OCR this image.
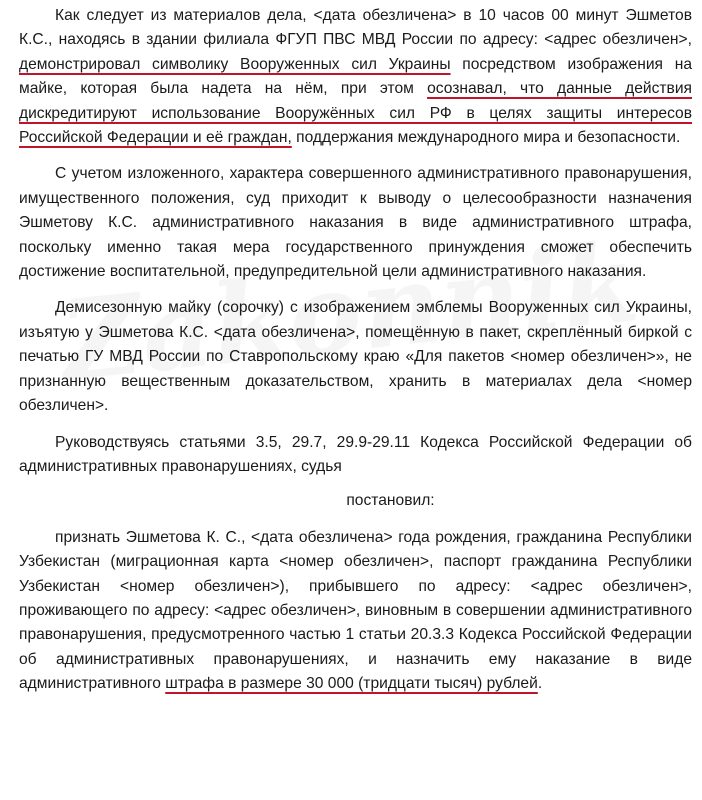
Как следует из материалов дела, <дата обезличена> в 10 часов 00 минут Эшметов К.С., находясь в здании филиала ФГУП ПВС МВД России по адресу: <адрес обезличен>, демонстрировал символику Вооруженных сил Украины посредством изображения на майке, которая была надета на нём, при этом осознавал, что данные действия дискредитируют использование Вооружённых сил РФ в целях защиты интересов Российской Федерации и её граждан, поддержания международного мира и безопасности.

С учетом изложенного, характера совершенного административного правонарушения, имущественного положения, суд приходит к выводу о целесообразности назначения Эшметову К.С. административного наказания в виде административного штрафа, поскольку именно такая мера государственного принуждения сможет обеспечить достижение воспитательной, предупредительной цели административного наказания.

Демисезонную майку (сорочку) с изображением эмблемы Вооруженных сил Украины, изъятую у Эшметова К.С. <дата обезличена>, помещённую в пакет, скреплённый биркой с печатью ГУ МВД России по Ставропольскому краю «Для пакетов <номер обезличен>», не признанную вещественным доказательством, хранить в материалах дела <номер обезличен>.

Руководствуясь статьями 3.5, 29.7, 29.9-29.11 Кодекса Российской Федерации об административных правонарушениях, судья

постановил:

признать Эшметова К. С., <дата обезличена> года рождения, гражданина Республики Узбекистан (миграционная карта <номер обезличен>, паспорт гражданина Республики Узбекистан <номер обезличен>), прибывшего по адресу: <адрес обезличен>, проживающего по адресу: <адрес обезличен>, виновным в совершении административного правонарушения, предусмотренного частью 1 статьи 20.3.3 Кодекса Российской Федерации об административных правонарушениях, и назначить ему наказание в виде административного штрафа в размере 30 000 (тридцати тысяч) рублей.
